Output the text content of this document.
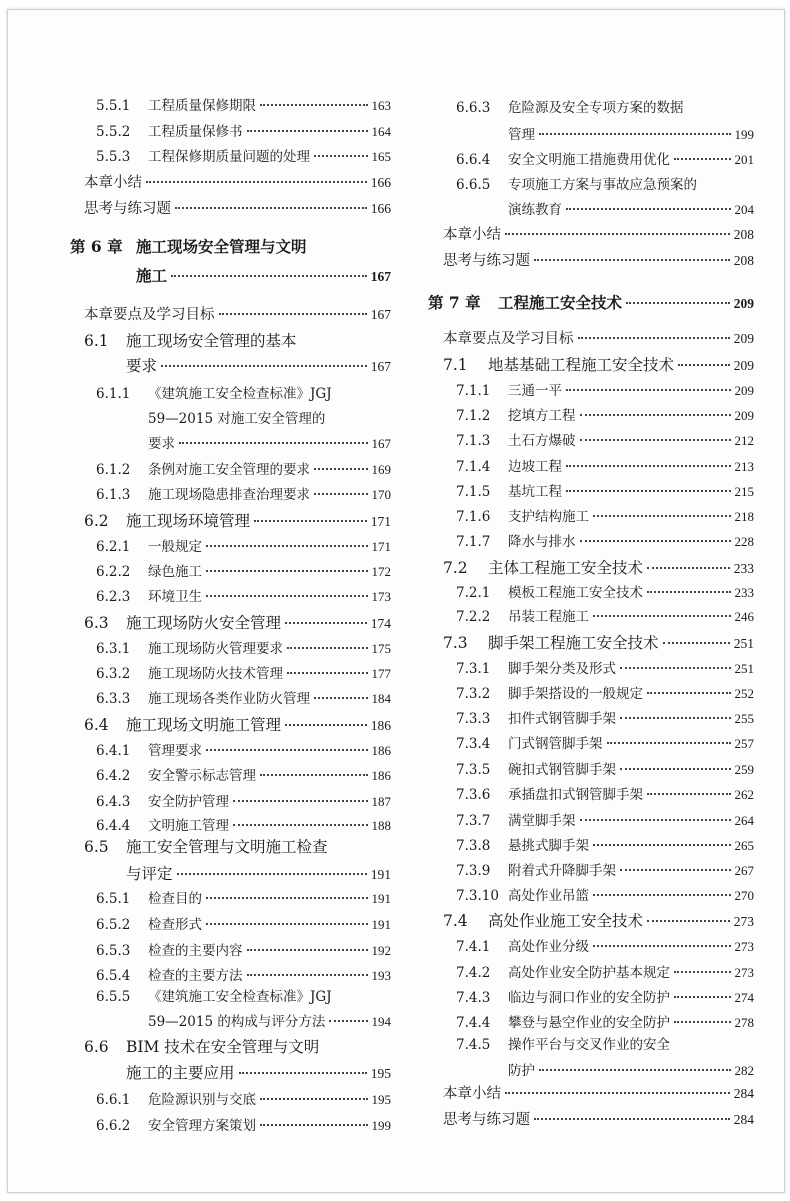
5.5.1	工程质量保修期限	163
5.5.2	工程质量保修书	164
5.5.3	工程保修期质量问题的处理	165
本章小结	166
思考与练习题	166
第 6 章 施工现场安全管理与文明
施工	167
本章要点及学习目标	167
6.1	施工现场安全管理的基本
要求	167
6.1.1	《建筑施工安全检查标准》JGJ
59—2015 对施工安全管理的
要求	167
6.1.2	条例对施工安全管理的要求	169
6.1.3	施工现场隐患排查治理要求	170
6.2	施工现场环境管理	171
6.2.1	一般规定	171
6.2.2	绿色施工	172
6.2.3	环境卫生	173
6.3	施工现场防火安全管理	174
6.3.1	施工现场防火管理要求	175
6.3.2	施工现场防火技术管理	177
6.3.3	施工现场各类作业防火管理	184
6.4	施工现场文明施工管理	186
6.4.1	管理要求	186
6.4.2	安全警示标志管理	186
6.4.3	安全防护管理	187
6.4.4	文明施工管理	188
6.5	施工安全管理与文明施工检查
与评定	191
6.5.1	检查目的	191
6.5.2	检查形式	191
6.5.3	检查的主要内容	192
6.5.4	检查的主要方法	193
6.5.5	《建筑施工安全检查标准》JGJ
59—2015 的构成与评分方法	194
6.6	BIM 技术在安全管理与文明
施工的主要应用	195
6.6.1	危险源识别与交底	195
6.6.2	安全管理方案策划	199
6.6.3	危险源及安全专项方案的数据
管理	199
6.6.4	安全文明施工措施费用优化	201
6.6.5	专项施工方案与事故应急预案的
演练教育	204
本章小结	208
思考与练习题	208
第 7 章	工程施工安全技术	209
本章要点及学习目标	209
7.1	地基基础工程施工安全技术	209
7.1.1	三通一平	209
7.1.2	挖填方工程	209
7.1.3	土石方爆破	212
7.1.4	边坡工程	213
7.1.5	基坑工程	215
7.1.6	支护结构施工	218
7.1.7	降水与排水	228
7.2	主体工程施工安全技术	233
7.2.1	模板工程施工安全技术	233
7.2.2	吊装工程施工	246
7.3	脚手架工程施工安全技术	251
7.3.1	脚手架分类及形式	251
7.3.2	脚手架搭设的一般规定	252
7.3.3	扣件式钢管脚手架	255
7.3.4	门式钢管脚手架	257
7.3.5	碗扣式钢管脚手架	259
7.3.6	承插盘扣式钢管脚手架	262
7.3.7	满堂脚手架	264
7.3.8	悬挑式脚手架	265
7.3.9	附着式升降脚手架	267
7.3.10 高处作业吊篮	270
7.4	高处作业施工安全技术	273
7.4.1	高处作业分级	273
7.4.2	高处作业安全防护基本规定	273
7.4.3	临边与洞口作业的安全防护	274
7.4.4	攀登与悬空作业的安全防护	278
7.4.5	操作平台与交叉作业的安全
防护	282
本章小结	284
思考与练习题	284
